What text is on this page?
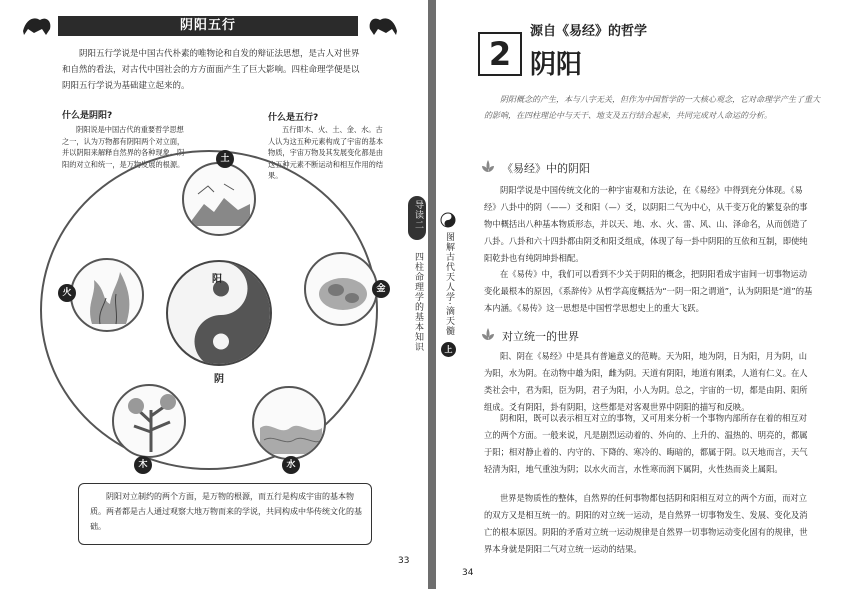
阴阳五行
阴阳五行学说是中国古代朴素的唯物论和自发的辩证法思想，是古人对世界和自然的看法，对古代中国社会的方方面面产生了巨大影响。四柱命理学便是以阴阳五行学说为基础建立起来的。
什么是阴阳?
阴阳说是中国古代的重要哲学思想之一，认为万物都有阴阳两个对立面，并以阴阳来解释自然界的各种现象。阴阳的对立和统一，是万物发展的根源。
什么是五行?
五行即木、火、土、金、水。古人认为这五种元素构成了宇宙的基本物质，宇宙万物及其发展变化都是由这五种元素不断运动和相互作用的结果。
土
火	金
木	水
阳
阴
阴阳对立制约的两个方面，是万物的根源，而五行是构成宇宙的基本物质。两者都是古人通过观察大地万物而来的学说，共同构成中华传统文化的基础。
33
导读二
四柱命理学的基本知识
2
源自《易经》的哲学
阴阳
阴阳概念的产生，本与八字无关，但作为中国哲学的一大核心观念，它对命理学产生了重大的影响，在四柱理论中与天干、地支及五行结合起来，共同完成对人命运的分析。
《易经》中的阴阳
阴阳学说是中国传统文化的一种宇宙观和方法论，在《易经》中得到充分体现。《易经》八卦中的阴（——）爻和阳（—）爻，以阴阳二气为中心，从千变万化的繁复杂的事物中概括出八种基本物质形态，并以天、地、水、火、雷、风、山、泽命名，从而创造了八卦。八卦和六十四卦都由阴爻和阳爻组成，体现了每一卦中阴阳的互依和互制，即使纯阳乾卦也有纯阴坤卦相配。
在《易传》中，我们可以看到不少关于阴阳的概念，把阴阳看成宇宙间一切事物运动变化最根本的原因，《系辞传》从哲学高度概括为“一阴一阳之谓道”，认为阴阳是“道”的基本内涵。《易传》这一思想是中国哲学思想史上的重大飞跃。
对立统一的世界
阳、阴在《易经》中是具有普遍意义的范畴。天为阳，地为阴，日为阳，月为阴，山为阳，水为阴。在动物中雄为阳，雌为阴。天道有阴阳，地道有刚柔，人道有仁义。在人类社会中，君为阳，臣为阴，君子为阳，小人为阴。总之，宇宙的一切，都是由阴、阳所组成。爻有阴阳，卦有阴阳，这些都是对客观世界中阴阳的描写和反映。
阴和阳，既可以表示相互对立的事物，又可用来分析一个事物内部所存在着的相互对立的两个方面。一般来说，凡是剧烈运动着的、外向的、上升的、温热的、明亮的，都属于阳；相对静止着的、内守的、下降的、寒冷的、晦暗的，都属于阴。以天地而言，天气轻清为阳，地气重浊为阴；以水火而言，水性寒而润下属阴，火性热而炎上属阳。
世界是物质性的整体，自然界的任何事物都包括阴和阳相互对立的两个方面，而对立的双方又是相互统一的。阴阳的对立统一运动，是自然界一切事物发生、发展、变化及消亡的根本原因。阴阳的矛盾对立统一运动规律是自然界一切事物运动变化固有的规律，世界本身就是阴阳二气对立统一运动的结果。
34
图解古代天人学·滴天髓
上
